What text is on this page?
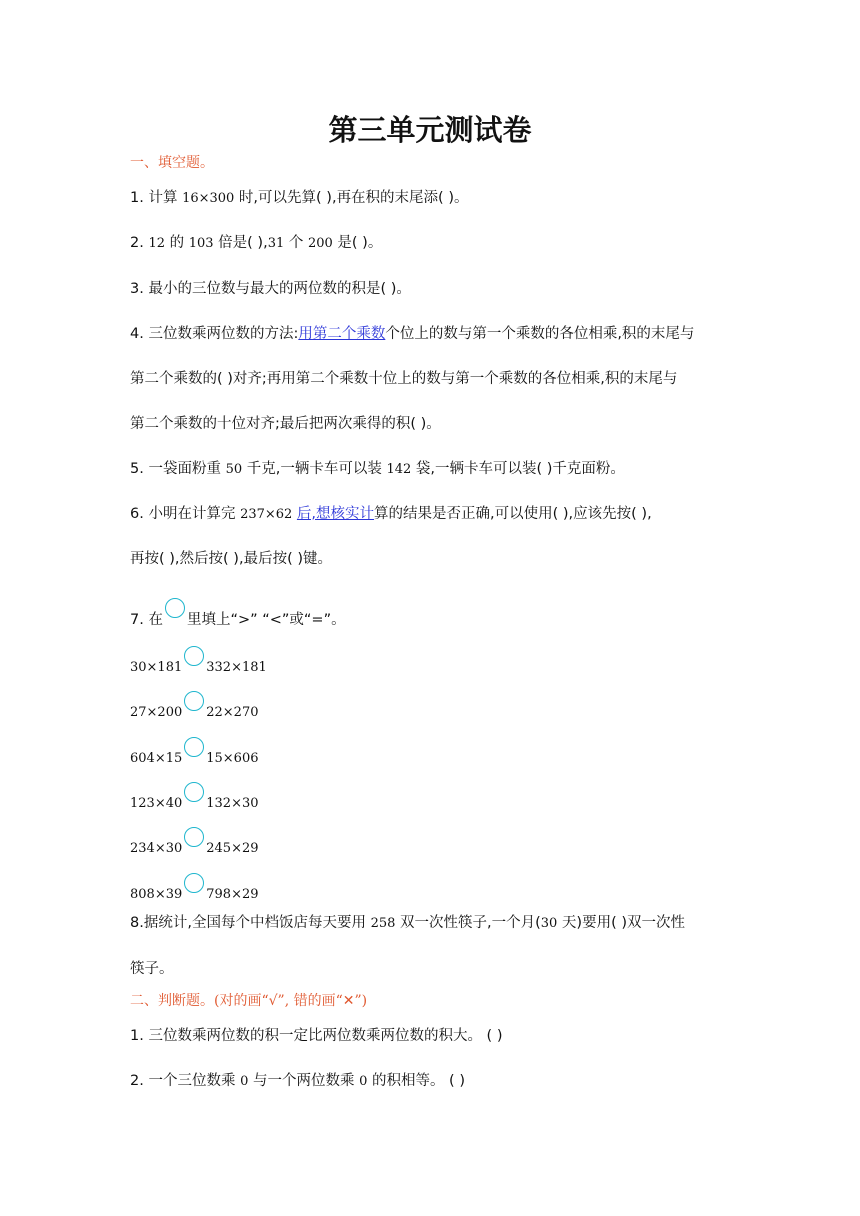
第三单元测试卷
一、填空题。
1. 计算 16×300 时,可以先算( ),再在积的末尾添( )。
2. 12 的 103 倍是( ),31 个 200 是( )。
3. 最小的三位数与最大的两位数的积是( )。
4. 三位数乘两位数的方法:用第二个乘数个位上的数与第一个乘数的各位相乘,积的末尾与
第二个乘数的( )对齐;再用第二个乘数十位上的数与第一个乘数的各位相乘,积的末尾与
第二个乘数的十位对齐;最后把两次乘得的积( )。
5. 一袋面粉重 50 千克,一辆卡车可以装 142 袋,一辆卡车可以装( )千克面粉。
6. 小明在计算完 237×62 后,想核实计算的结果是否正确,可以使用( ),应该先按( ),
再按( ),然后按( ),最后按( )键。
7. 在 里填上“>” “<”或“=”。
30×181 332×181
27×200 22×270
604×15 15×606
123×40 132×30
234×30 245×29
808×39 798×29
8.据统计,全国每个中档饭店每天要用 258 双一次性筷子,一个月(30 天)要用( )双一次性
筷子。
二、判断题。(对的画“√”, 错的画“✕”)
1. 三位数乘两位数的积一定比两位数乘两位数的积大。 ( )
2. 一个三位数乘 0 与一个两位数乘 0 的积相等。 ( )
